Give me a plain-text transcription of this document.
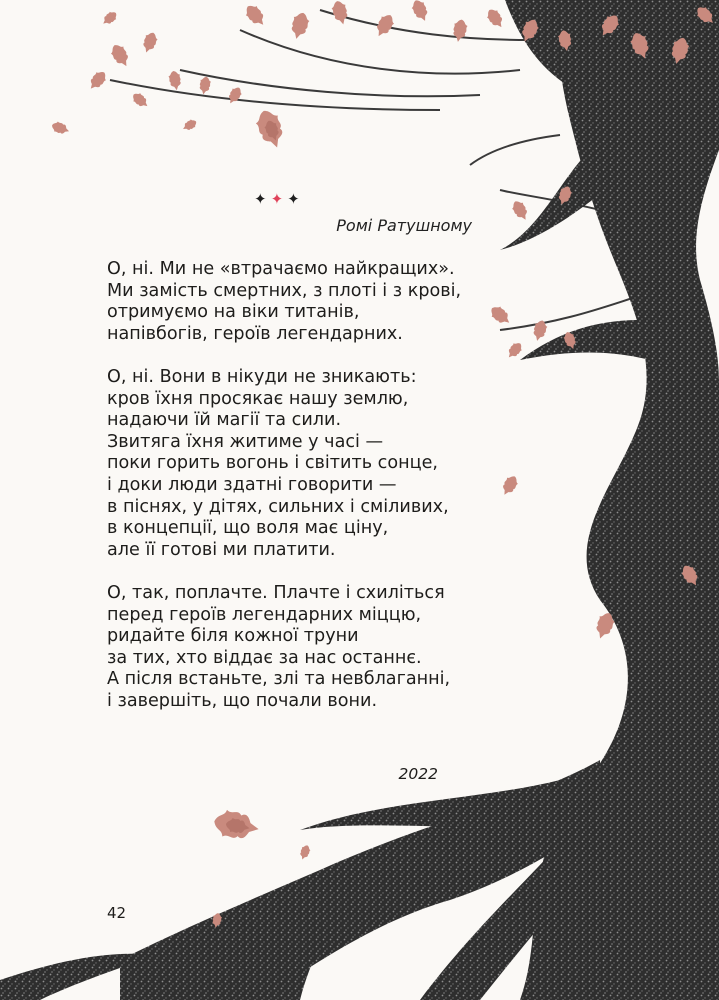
✦✦✦
Ромі Ратушному
О, ні. Ми не «втрачаємо найкращих».
Ми замість смертних, з плоті і з крові,
отримуємо на віки титанів,
напівбогів, героїв легендарних.
О, ні. Вони в нікуди не зникають:
кров їхня просякає нашу землю,
надаючи їй магії та сили.
Звитяга їхня житиме у часі —
поки горить вогонь і світить сонце,
і доки люди здатні говорити —
в піснях, у дітях, сильних і сміливих,
в концепції, що воля має ціну,
але її готові ми платити.
О, так, поплачте. Плачте і схиліться
перед героїв легендарних міццю,
ридайте біля кожної труни
за тих, хто віддає за нас останнє.
А після встаньте, злі та невблаганні,
і завершіть, що почали вони.
2022
42
